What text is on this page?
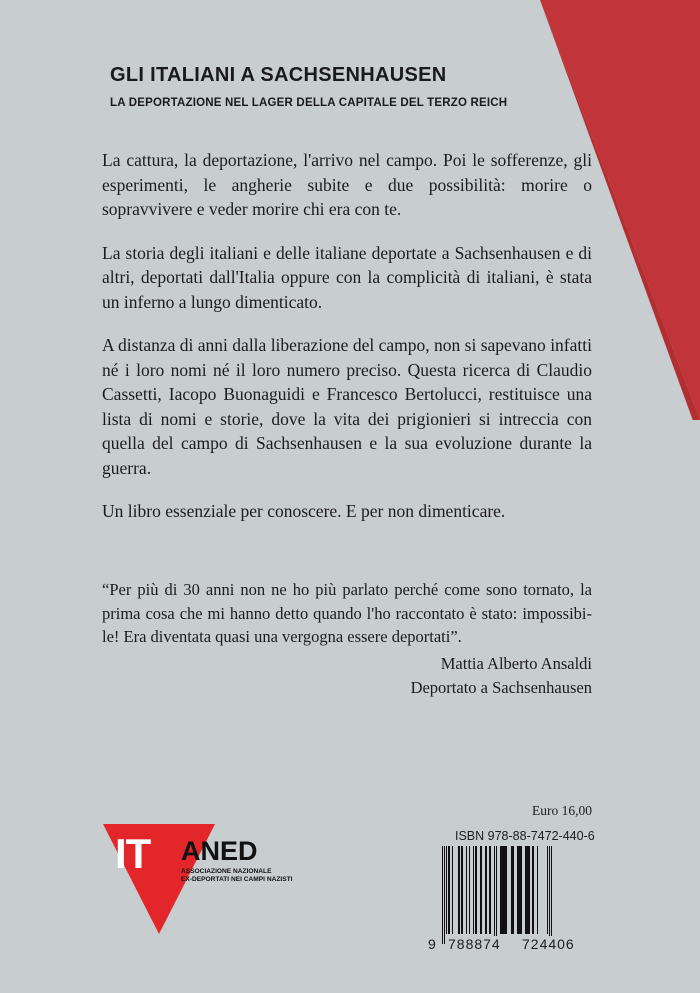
GLI ITALIANI A SACHSENHAUSEN
LA DEPORTAZIONE NEL LAGER DELLA CAPITALE DEL TERZO REICH

La cattura, la deportazione, l'arrivo nel campo. Poi le sofferenze, gli esperimenti, le angherie subite e due possibilità: morire o sopravvivere e veder morire chi era con te.

La storia degli italiani e delle italiane deportate a Sachsenhausen e di altri, deportati dall'Italia oppure con la complicità di italiani, è stata un inferno a lungo dimenticato.

A distanza di anni dalla liberazione del campo, non si sapevano infatti né i loro nomi né il loro numero preciso. Questa ricerca di Claudio Cassetti, Iacopo Buonaguidi e Francesco Bertolucci, restituisce una lista di nomi e storie, dove la vita dei prigionieri si intreccia con quella del campo di Sachsenhausen e la sua evoluzione durante la guerra.

Un libro essenziale per conoscere. E per non dimenticare.

“Per più di 30 anni non ne ho più parlato perché come sono tornato, la prima cosa che mi hanno detto quando l'ho raccontato è stato: impossibi-le! Era diventata quasi una vergogna essere deportati”.

Mattia Alberto Ansaldi
Deportato a Sachsenhausen

IT ANED

ASSOCIAZIONE NAZIONALE

EX-DEPORTATI NEI CAMPI NAZISTI

Euro 16,00
ISBN 978-88-7472-440-6
9 788874 724406
